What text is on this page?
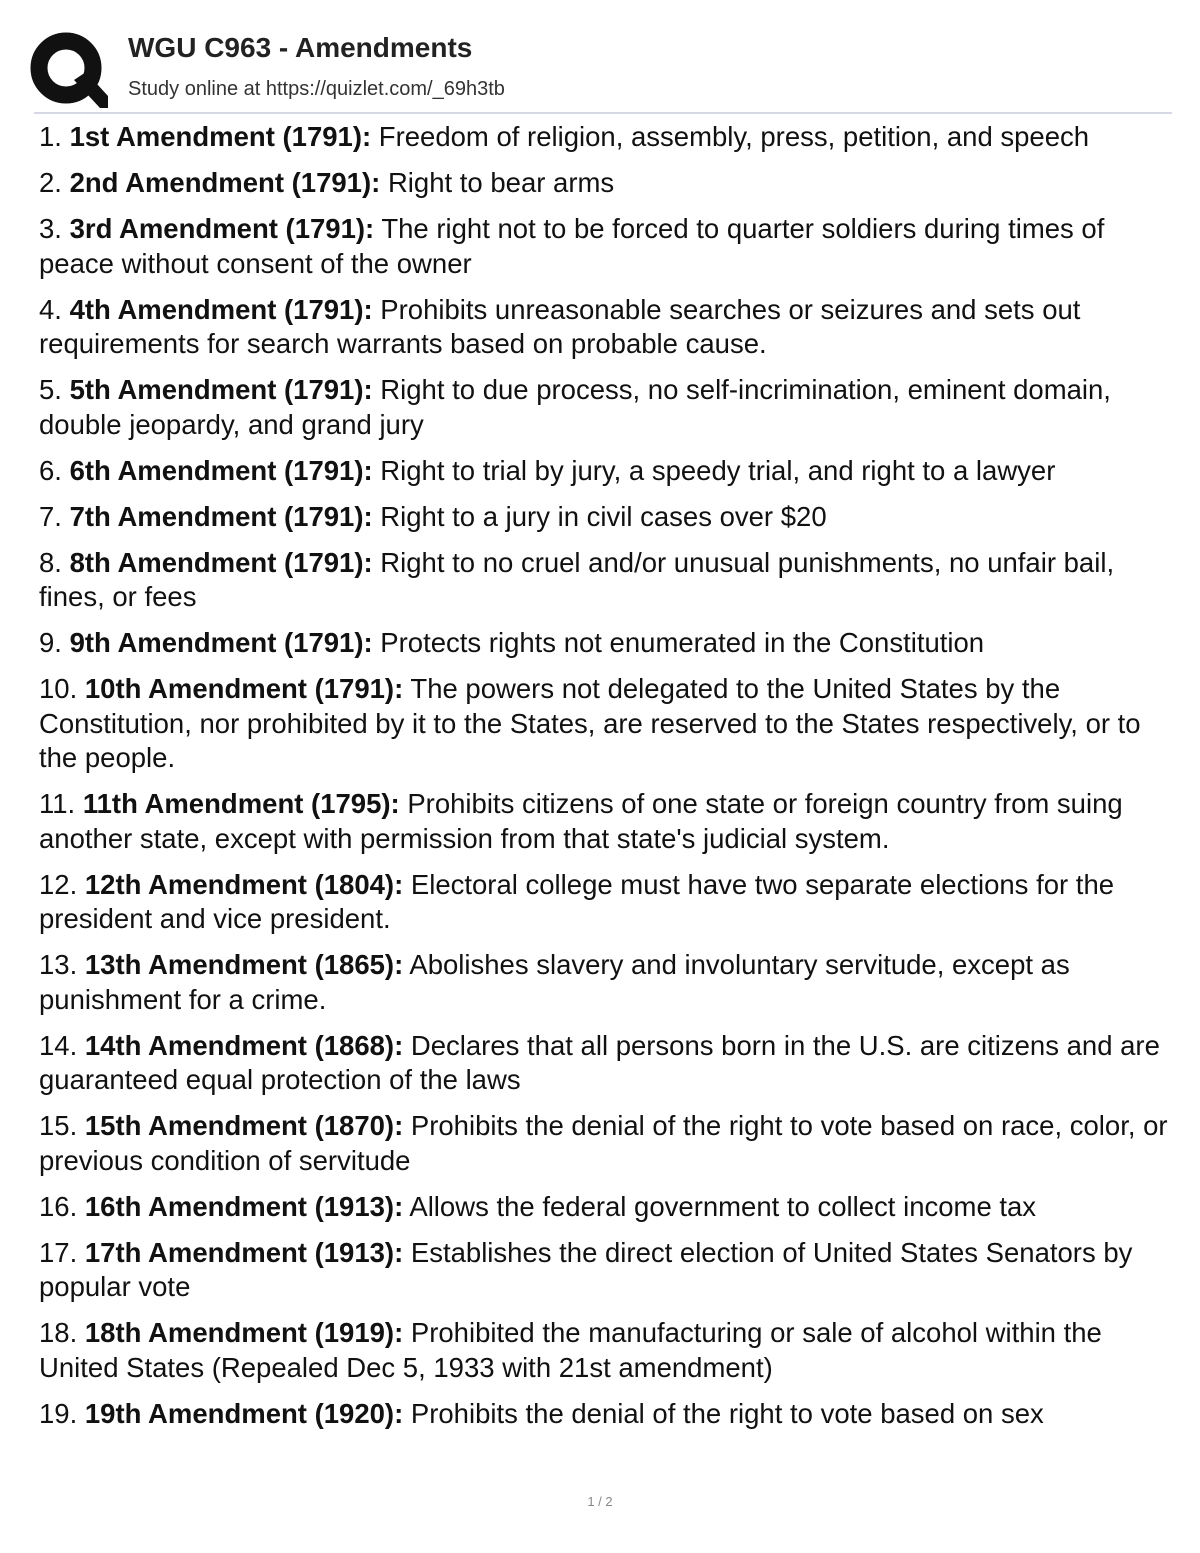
WGU C963 - Amendments
Study online at https://quizlet.com/_69h3tb
1. 1st Amendment (1791): Freedom of religion, assembly, press, petition, and speech
2. 2nd Amendment (1791): Right to bear arms
3. 3rd Amendment (1791): The right not to be forced to quarter soldiers during times of peace without consent of the owner
4. 4th Amendment (1791): Prohibits unreasonable searches or seizures and sets out requirements for search warrants based on probable cause.
5. 5th Amendment (1791): Right to due process, no self-incrimination, eminent domain, double jeopardy, and grand jury
6. 6th Amendment (1791): Right to trial by jury, a speedy trial, and right to a lawyer
7. 7th Amendment (1791): Right to a jury in civil cases over $20
8. 8th Amendment (1791): Right to no cruel and/or unusual punishments, no unfair bail, fines, or fees
9. 9th Amendment (1791): Protects rights not enumerated in the Constitution
10. 10th Amendment (1791): The powers not delegated to the United States by the Constitution, nor prohibited by it to the States, are reserved to the States respectively, or to the people.
11. 11th Amendment (1795): Prohibits citizens of one state or foreign country from suing another state, except with permission from that state's judicial system.
12. 12th Amendment (1804): Electoral college must have two separate elections for the president and vice president.
13. 13th Amendment (1865): Abolishes slavery and involuntary servitude, except as punishment for a crime.
14. 14th Amendment (1868): Declares that all persons born in the U.S. are citizens and are guaranteed equal protection of the laws
15. 15th Amendment (1870): Prohibits the denial of the right to vote based on race, color, or previous condition of servitude
16. 16th Amendment (1913): Allows the federal government to collect income tax
17. 17th Amendment (1913): Establishes the direct election of United States Senators by popular vote
18. 18th Amendment (1919): Prohibited the manufacturing or sale of alcohol within the United States (Repealed Dec 5, 1933 with 21st amendment)
19. 19th Amendment (1920): Prohibits the denial of the right to vote based on sex
1 / 2
